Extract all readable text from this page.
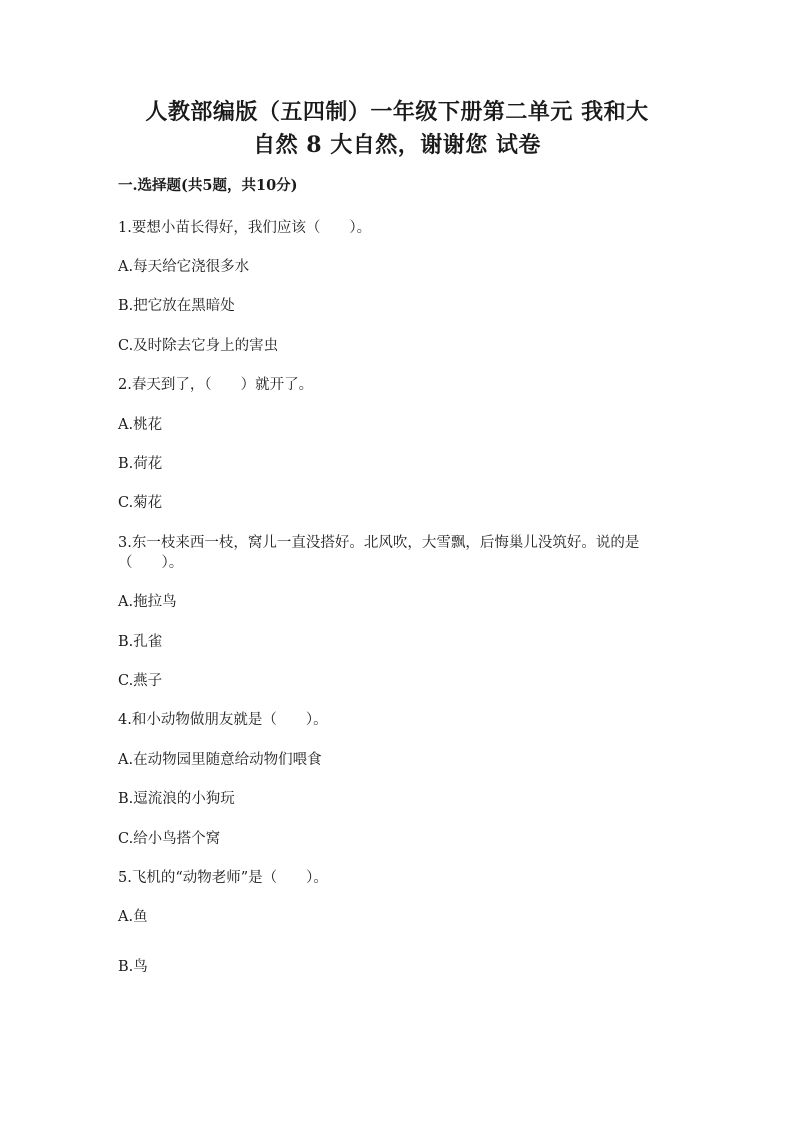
人教部编版（五四制）一年级下册第二单元 我和大
自然 8 大自然，谢谢您 试卷
一.选择题(共5题，共10分)
1.要想小苗长得好，我们应该（　　）。
A.每天给它浇很多水
B.把它放在黑暗处
C.及时除去它身上的害虫
2.春天到了，（　　）就开了。
A.桃花
B.荷花
C.菊花
3.东一枝来西一枝，窝儿一直没搭好。北风吹，大雪飘，后悔巢儿没筑好。说的是（　　）。
A.拖拉鸟
B.孔雀
C.燕子
4.和小动物做朋友就是（　　）。
A.在动物园里随意给动物们喂食
B.逗流浪的小狗玩
C.给小鸟搭个窝
5.飞机的“动物老师”是（　　）。
A.鱼
B.鸟
